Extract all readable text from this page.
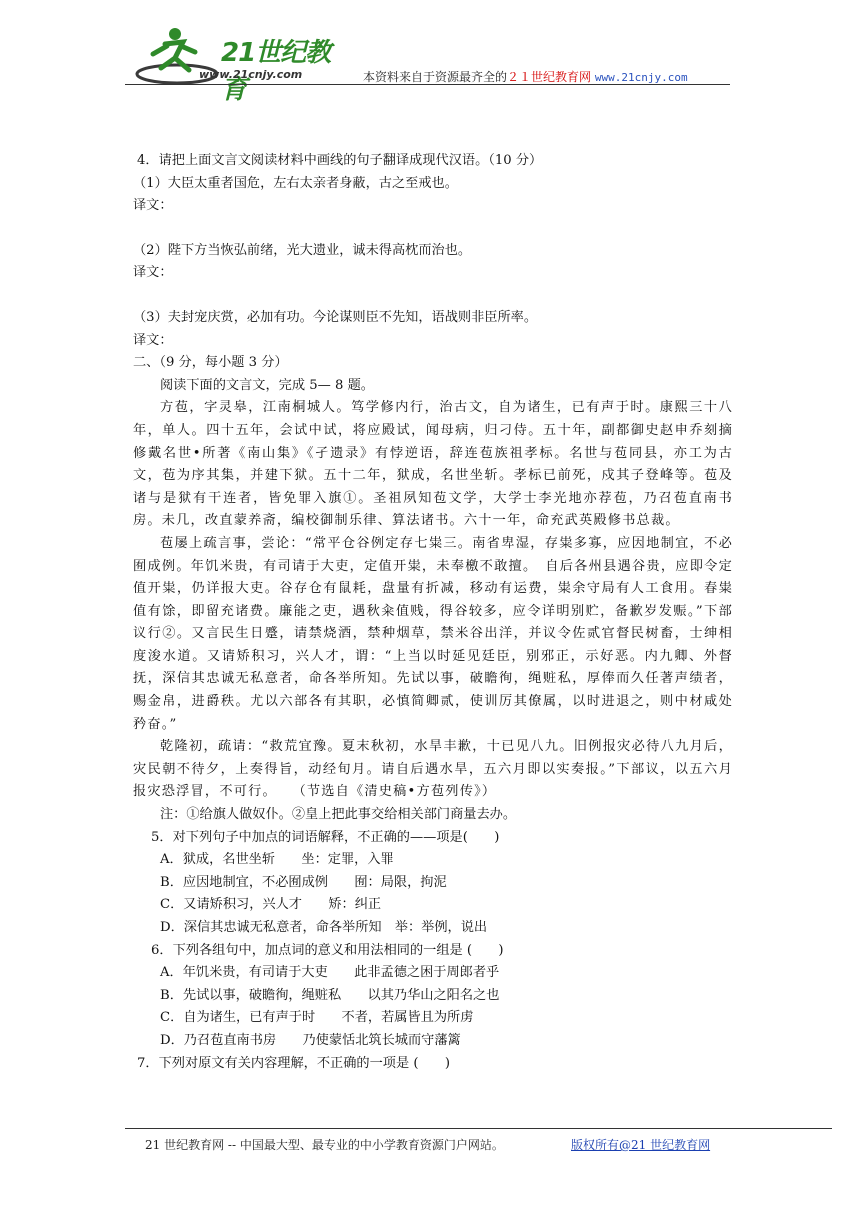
21世纪教育
www.21cnjy.com	本资料来自于资源最齐全的２１世纪教育网 www.21cnjy.com
4．请把上面文言文阅读材料中画线的句子翻译成现代汉语。（10 分）
（1）大臣太重者国危，左右太亲者身蔽，古之至戒也。
译文：
（2）陛下方当恢弘前绪，光大遗业，诚未得高枕而治也。
译文：
（3）夫封宠庆赏，必加有功。今论谋则臣不先知，语战则非臣所率。
译文：
二、（9 分，每小题 3 分）
阅读下面的文言文，完成 5— 8 题。
方苞，字灵皋，江南桐城人。笃学修内行，治古文，自为诸生，已有声于时。康熙三十八年，单人。四十五年，会试中试，将应殿试，闻母病，归刁侍。五十年，副都御史赵申乔刻摘修戴名世•所著《南山集》《孑遗录》有悖逆语，辞连苞族祖孝标。名世与苞同县，亦工为古文，苞为序其集，并建下狱。五十二年，狱成，名世坐斩。孝标已前死，戍其子登峰等。苞及诸与是狱有干连者，皆免罪入旗①。圣祖夙知苞文学，大学士李光地亦荐苞，乃召苞直南书房。未几，改直蒙养斋，编校御制乐律、算法诸书。六十一年，命充武英殿修书总裁。
苞屡上疏言事，尝论：“常平仓谷例定存七粜三。南省卑湿，存粜多寡，应因地制宜，不必囿成例。年饥米贵，有司请于大吏，定值开粜，未奉檄不敢擅。　自后各州县遇谷贵，应即令定值开粜，仍详报大吏。谷存仓有鼠耗，盘量有折减，移动有运费，粜余守局有人工食用。春粜值有馀，即留充诸费。廉能之吏，遇秋籴值贱，得谷较多，应令详明别贮，备歉岁发赈。”下部议行②。又言民生日蹙，请禁烧酒，禁种烟草，禁米谷出洋，并议令佐贰官督民树畜，士绅相度浚水道。又请矫积习，兴人才，谓：“上当以时延见廷臣，别邪正，示好恶。内九卿、外督抚，深信其忠诚无私意者，命各举所知。先试以事，破瞻徇，绳赃私，厚俸而久任著声绩者，赐金帛，进爵秩。尤以六部各有其职，必慎简卿贰，使训厉其僚属，以时进退之，则中材咸处矜奋。”
乾隆初，疏请：“救荒宜豫。夏末秋初，水旱丰歉，十已见八九。旧例报灾必待八九月后，灾民朝不待夕，上奏得旨，动经旬月。请自后遇水旱，五六月即以实奏报。”下部议，以五六月报灾恐浮冒，不可行。　　（节选自《清史稿•方苞列传》）
注：①给旗人做奴仆。②皇上把此事交给相关部门商量去办。
5．对下列句子中加点的词语解释，不正确的——项是(　　)
A．狱成，名世坐斩　　坐：定罪，入罪
B．应因地制宜，不必囿成例　　囿：局限，拘泥
C．又请矫积习，兴人才　　矫：纠正
D．深信其忠诚无私意者，命各举所知　举：举例，说出
6．下列各组句中，加点词的意义和用法相同的一组是 (　　)
A．年饥米贵，有司请于大吏　　此非孟德之困于周郎者乎
B．先试以事，破瞻徇，绳赃私　　以其乃华山之阳名之也
C．自为诸生，已有声于时　　不者，若属皆且为所虏
D．乃召苞直南书房　　乃使蒙恬北筑长城而守藩篱
7．下列对原文有关内容理解，不正确的一项是 (　　)
21 世纪教育网 -- 中国最大型、最专业的中小学教育资源门户网站。	版权所有@21 世纪教育网
